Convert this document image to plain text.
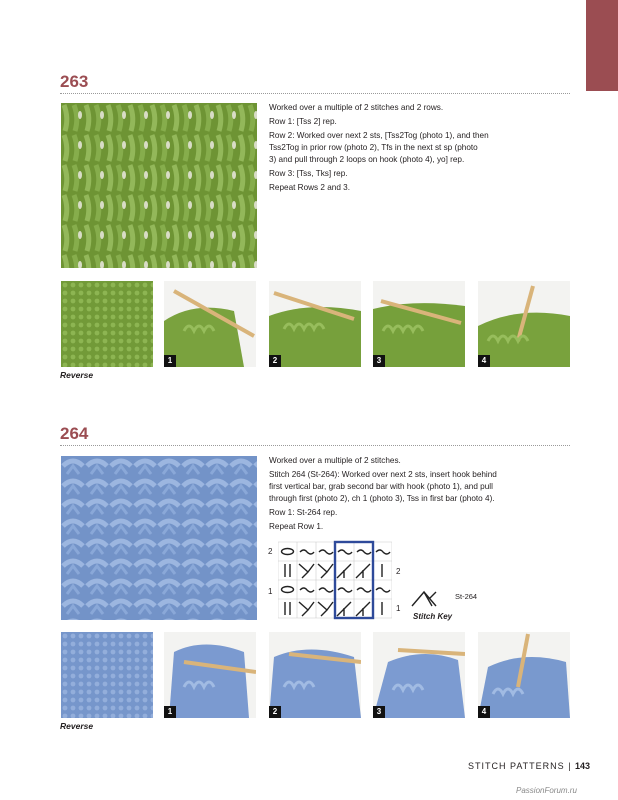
263

Worked over a multiple of 2 stitches and 2 rows.

Row 1: [Tss 2] rep.

Row 2: Worked over next 2 sts, [Tss2Tog (photo 1), and then

Tss2Tog in prior row (photo 2), Tfs in the next st sp (photo

3) and pull through 2 loops on hook (photo 4), yo] rep.

Row 3: [Tss, Tks] rep.

Repeat Rows 2 and 3.

1	2	3	4
Reverse
264

Worked over a multiple of 2 stitches.

Stitch 264 (St-264): Worked over next 2 sts, insert hook behind

first vertical bar, grab second bar with hook (photo 1), and pull

through first (photo 2), ch 1 (photo 3), Tss in first bar (photo 4).

Row 1: St-264 rep.

Repeat Row 1.

2
1
2
1
St-264
Stitch Key
1	2	3	4
Reverse
STITCH PATTERNS | 143
PassionForum.ru
